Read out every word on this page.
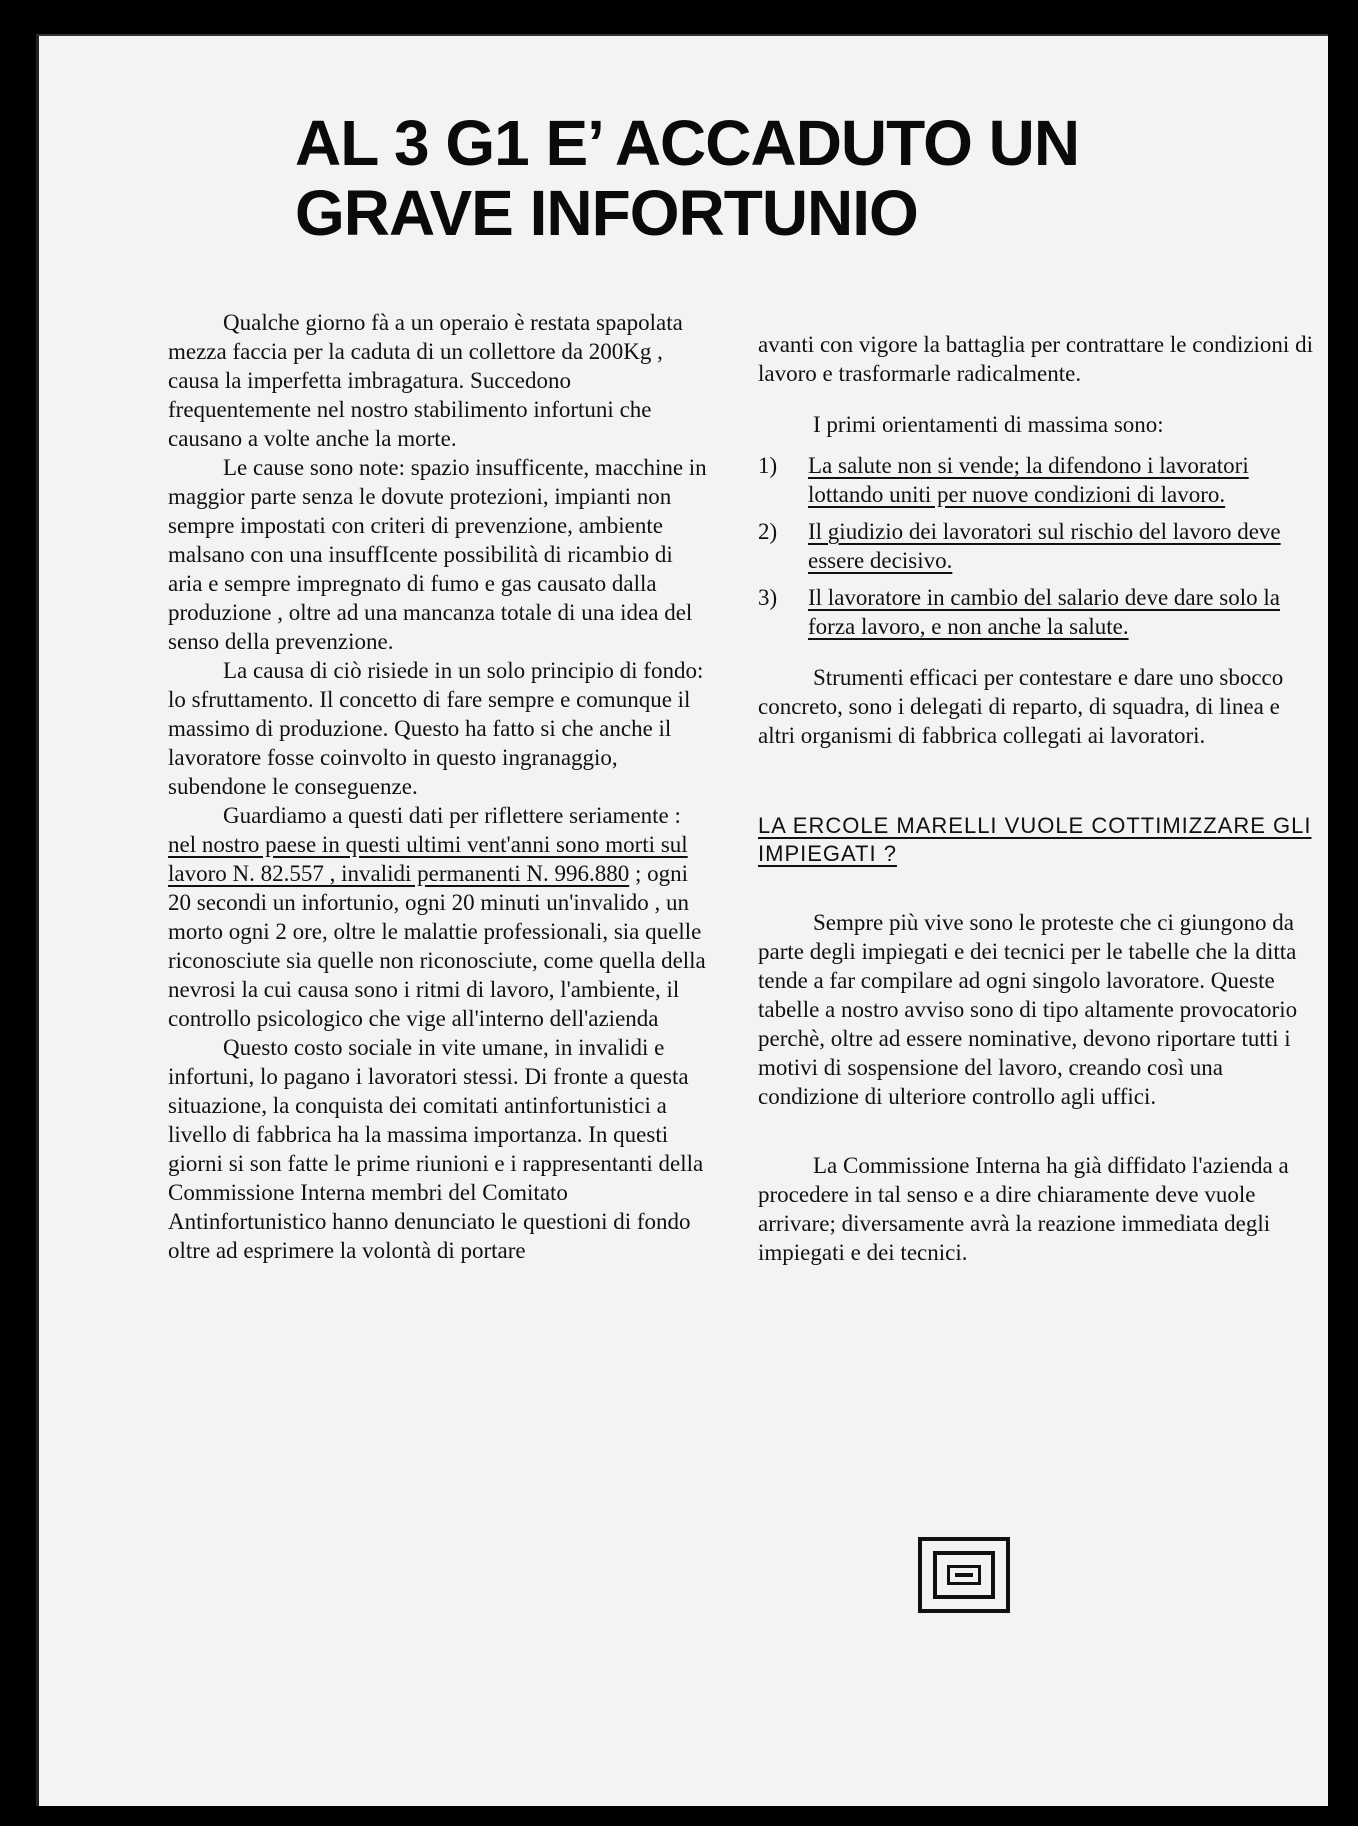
AL 3 G1 E’ ACCADUTO UN
GRAVE INFORTUNIO

Qualche giorno fà a un operaio è restata spapolata mezza faccia per la caduta di un collettore da 200Kg , causa la imperfetta imbragatura. Succedono frequentemente nel nostro stabilimento infortuni che causano a volte anche la morte.

Le cause sono note: spazio insufficente, macchine in maggior parte senza le dovute protezioni, impianti non sempre impostati con criteri di prevenzione, ambiente malsano con una insuffIcente possibilità di ricambio di aria e sempre impregnato di fumo e gas causato dalla produzione , oltre ad una mancanza totale di una idea del senso della prevenzione.

La causa di ciò risiede in un solo principio di fondo: lo sfruttamento. Il concetto di fare sempre e comunque il massimo di produzione. Questo ha fatto si che anche il lavoratore fosse coinvolto in questo ingranaggio, subendone le conseguenze.

Guardiamo a questi dati per riflettere seriamente : nel nostro paese in questi ultimi vent'anni sono morti sul lavoro N. 82.557 , invalidi permanenti N. 996.880 ; ogni 20 secondi un infortunio, ogni 20 minuti un'invalido , un morto ogni 2 ore, oltre le malattie professionali, sia quelle riconosciute sia quelle non riconosciute, come quella della nevrosi la cui causa sono i ritmi di lavoro, l'ambiente, il controllo psicologico che vige all'interno dell'azienda

Questo costo sociale in vite umane, in invalidi e infortuni, lo pagano i lavoratori stessi. Di fronte a questa situazione, la conquista dei comitati antinfortunistici a livello di fabbrica ha la massima importanza. In questi giorni si son fatte le prime riunioni e i rappresentanti della Commissione Interna membri del Comitato Antinfortunistico hanno denunciato le questioni di fondo oltre ad esprimere la volontà di portare

avanti con vigore la battaglia per contrattare le condizioni di lavoro e trasformarle radicalmente.

I primi orientamenti di massima sono:

1)	La salute non si vende; la difendono i lavoratori lottando uniti per nuove condizioni di lavoro.
2)	Il giudizio dei lavoratori sul rischio del lavoro deve essere decisivo.
3)	Il lavoratore in cambio del salario deve dare solo la forza lavoro, e non anche la salute.

Strumenti efficaci per contestare e dare uno sbocco concreto, sono i delegati di reparto, di squadra, di linea e altri organismi di fabbrica collegati ai lavoratori.

LA ERCOLE MARELLI VUOLE COTTIMIZZARE GLI IMPIEGATI ?

Sempre più vive sono le proteste che ci giungono da parte degli impiegati e dei tecnici per le tabelle che la ditta tende a far compilare ad ogni singolo lavoratore. Queste tabelle a nostro avviso sono di tipo altamente provocatorio perchè, oltre ad essere nominative, devono riportare tutti i motivi di sospensione del lavoro, creando così una condizione di ulteriore controllo agli uffici.

La Commissione Interna ha già diffidato l'azienda a procedere in tal senso e a dire chiaramente deve vuole arrivare; diversamente avrà la reazione immediata degli impiegati e dei tecnici.
